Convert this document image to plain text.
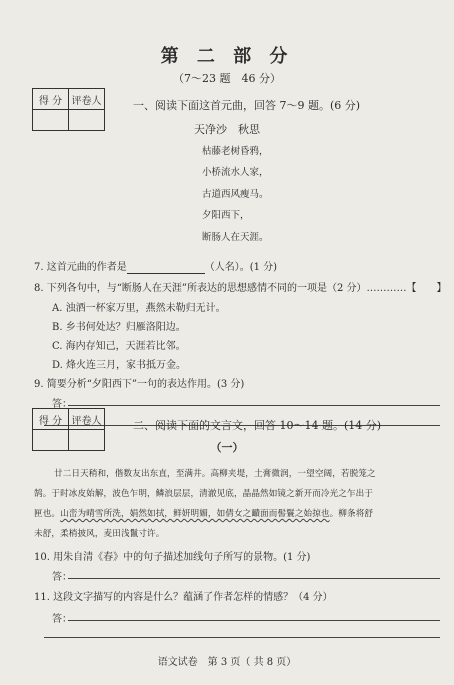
第 二 部 分
（7～23 题　46 分）
得 分	评卷人
		一、阅读下面这首元曲，回答 7～9 题。(6 分)
天净沙　秋思
枯藤老树昏鸦，
小桥流水人家，
古道西风瘦马。
夕阳西下，
断肠人在天涯。
7. 这首元曲的作者是	（人名）。(1 分)
8. 下列各句中，与“断肠人在天涯”所表达的思想感情不同的一项是（2 分）…………【　　】
A. 浊酒一杯家万里，燕然未勒归无计。
B. 乡书何处达？归雁洛阳边。
C. 海内存知己，天涯若比邻。
D. 烽火连三月，家书抵万金。
9. 简要分析“夕阳西下”一句的表达作用。(3 分)
答：
得 分	评卷人
		二、阅读下面的文言文，回答 10～14 题。(14 分)
（一）
廿二日天稍和，偕数友出东直，至满井。高柳夹堤，土膏微润，一望空阔，若脱笼之
鹄。于时冰皮始解，波色乍明，鳞浪层层，清澈见底，晶晶然如镜之新开而冷光之乍出于
匣也。山峦为晴雪所洗，娟然如拭，鲜妍明媚，如倩女之靧面而髻鬟之始掠也。柳条将舒
未舒，柔梢披风，麦田浅鬣寸许。
10. 用朱自清《春》中的句子描述加线句子所写的景物。(1 分)
答：
11. 这段文字描写的内容是什么？蕴涵了作者怎样的情感？（4 分）
答：
语文试卷　第 3 页（ 共 8 页）
